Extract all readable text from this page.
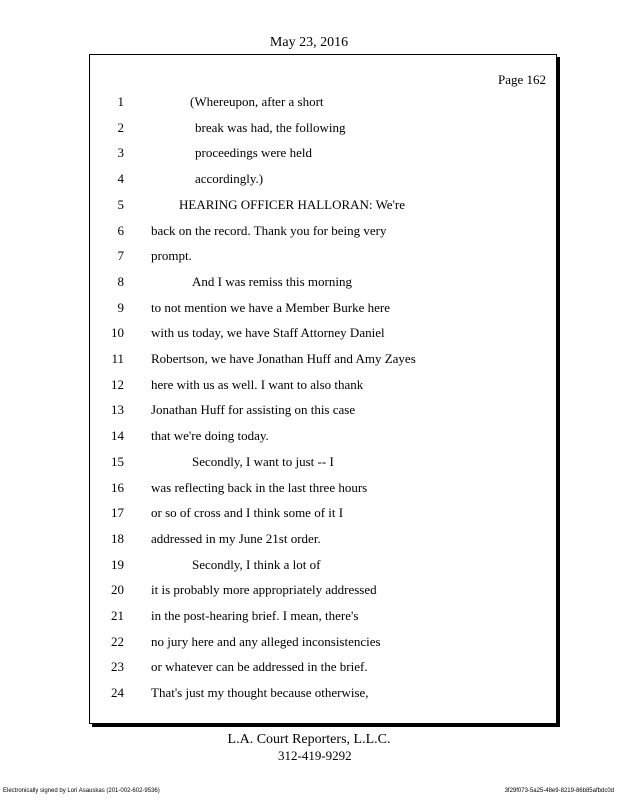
May 23, 2016
Page 162
1	(Whereupon, after a short
2	break was had, the following
3	proceedings were held
4	accordingly.)
5	HEARING OFFICER HALLORAN: We're
6 back on the record. Thank you for being very
7 prompt.
8	And I was remiss this morning
9 to not mention we have a Member Burke here
10 with us today, we have Staff Attorney Daniel
11 Robertson, we have Jonathan Huff and Amy Zayes
12 here with us as well. I want to also thank
13 Jonathan Huff for assisting on this case
14 that we're doing today.
15	Secondly, I want to just -- I
16 was reflecting back in the last three hours
17 or so of cross and I think some of it I
18 addressed in my June 21st order.
19	Secondly, I think a lot of
20 it is probably more appropriately addressed
21 in the post-hearing brief. I mean, there's
22 no jury here and any alleged inconsistencies
23 or whatever can be addressed in the brief.
24 That's just my thought because otherwise,
L.A. Court Reporters, L.L.C.
312-419-9292
Electronically signed by Lori Asauskas (201-002-602-9536)	3f29f073-5a25-48e9-8219-86b85afbdc0d
